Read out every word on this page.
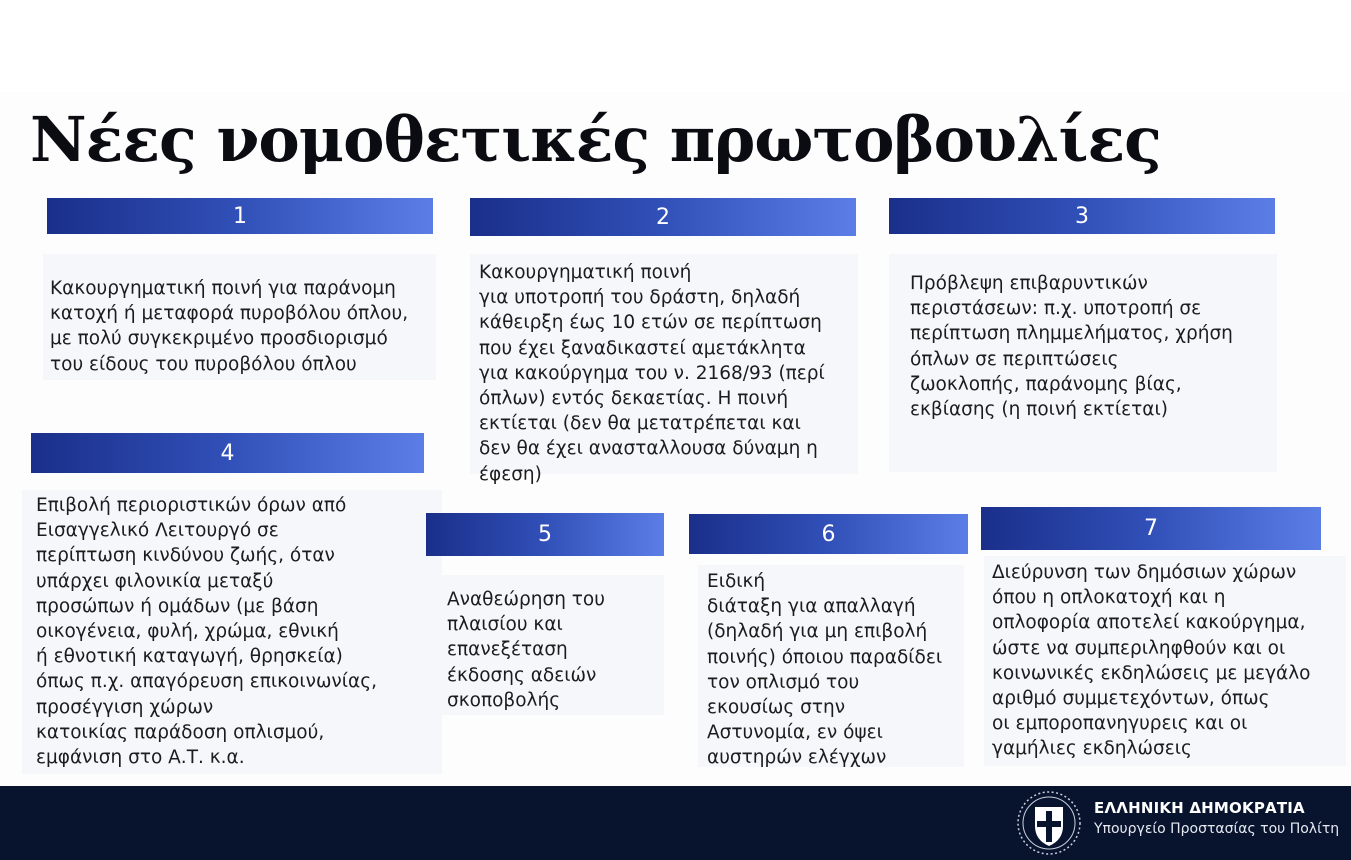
Νέες νομοθετικές πρωτοβουλίες
1

Κακουργηματική ποινή για παράνομη
κατοχή ή μεταφορά πυροβόλου όπλου,
με πολύ συγκεκριμένο προσδιορισμό
του είδους του πυροβόλου όπλου

2

Κακουργηματική ποινή
για υποτροπή του δράστη, δηλαδή
κάθειρξη έως 10 ετών σε περίπτωση
που έχει ξαναδικαστεί αμετάκλητα
για κακούργημα του ν. 2168/93 (περί
όπλων) εντός δεκαετίας. Η ποινή
εκτίεται (δεν θα μετατρέπεται και
δεν θα έχει ανασταλλουσα δύναμη η
έφεση)

3

Πρόβλεψη επιβαρυντικών
περιστάσεων: π.χ. υποτροπή σε
περίπτωση πλημμελήματος, χρήση
όπλων σε περιπτώσεις
ζωοκλοπής, παράνομης βίας,
εκβίασης (η ποινή εκτίεται)

4

Επιβολή περιοριστικών όρων από
Εισαγγελικό Λειτουργό σε
περίπτωση κινδύνου ζωής, όταν
υπάρχει φιλονικία μεταξύ
προσώπων ή ομάδων (με βάση
οικογένεια, φυλή, χρώμα, εθνική
ή εθνοτική καταγωγή, θρησκεία)
όπως π.χ. απαγόρευση επικοινωνίας,
προσέγγιση χώρων
κατοικίας παράδοση οπλισμού,
εμφάνιση στο Α.Τ. κ.α.

5

Αναθεώρηση του
πλαισίου και
επανεξέταση
έκδοσης αδειών
σκοποβολής

6

Ειδική
διάταξη για απαλλαγή
(δηλαδή για μη επιβολή
ποινής) όποιου παραδίδει
τον οπλισμό του
εκουσίως στην
Αστυνομία, εν όψει
αυστηρών ελέγχων

7

Διεύρυνση των δημόσιων χώρων
όπου η οπλοκατοχή και η
οπλοφορία αποτελεί κακούργημα,
ώστε να συμπεριληφθούν και οι
κοινωνικές εκδηλώσεις με μεγάλο
αριθμό συμμετεχόντων, όπως
οι εμποροπανηγυρεις και οι
γαμήλιες εκδηλώσεις

ΕΛΛΗΝΙΚΗ ΔΗΜΟΚΡΑΤΙΑ
Υπουργείο Προστασίας του Πολίτη
